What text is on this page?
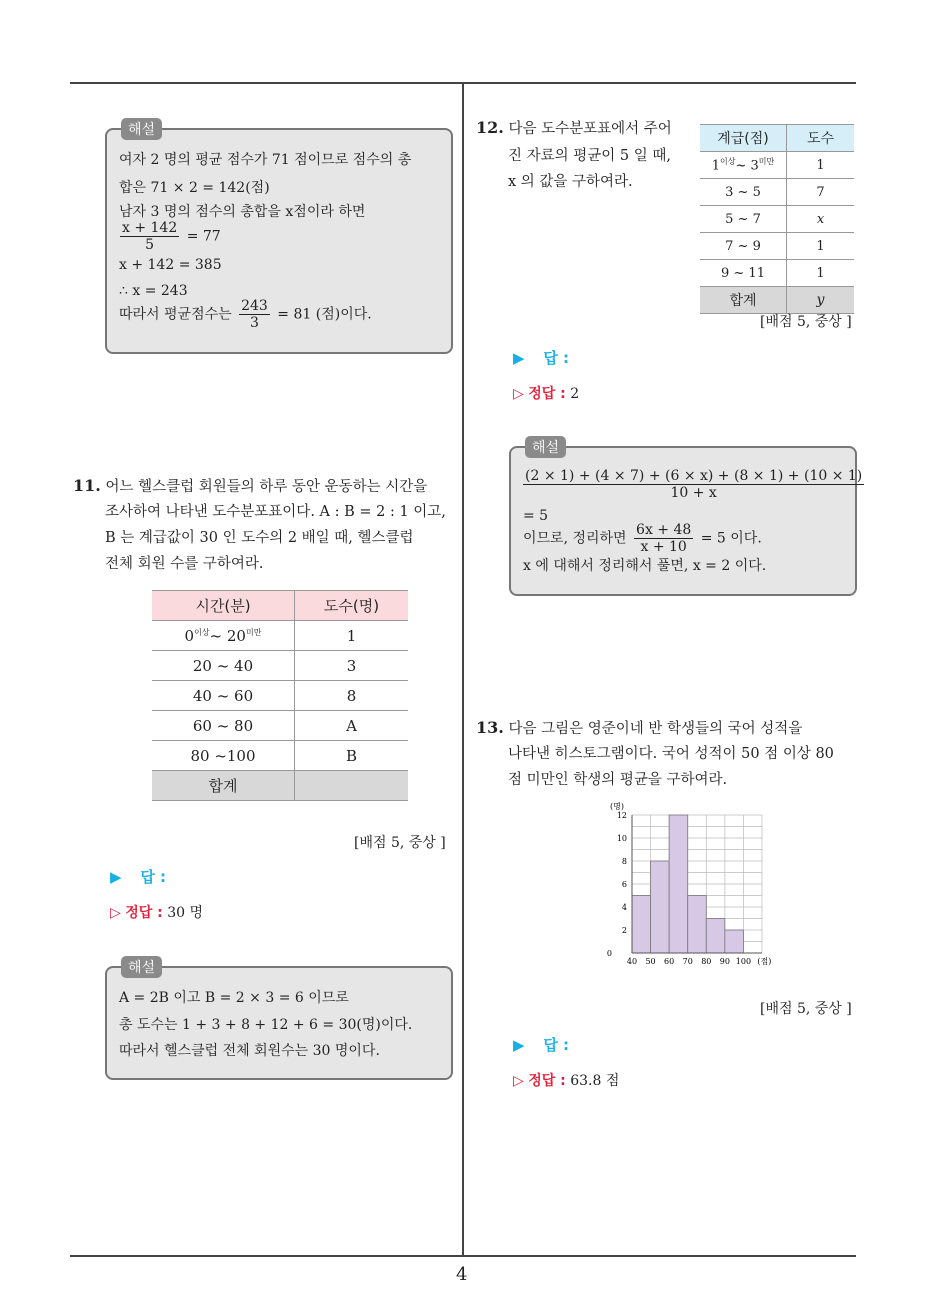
4
해설
여자 2 명의 평균 점수가 71 점이므로 점수의 총
합은 71 × 2 = 142(점)
남자 3 명의 점수의 총합을 x점이라 하면
$\frac{x + 142}{5} = 77$
x + 142 = 385
∴ x = 243
따라서 평균점수는 $\frac{243}{3} = 81$ (점)이다.
11. 어느 헬스클럽 회원들의 하루 동안 운동하는 시간을
조사하여 나타낸 도수분포표이다. A : B = 2 : 1 이고,
B 는 계급값이 30 인 도수의 2 배일 때, 헬스클럽
전체 회원 수를 구하여라.
시간(분)	도수(명)
$0^{이상}\sim$ $20^{미만}$	1
20 ~ 40	3
40 ~ 60	8
60 ~ 80	A
80 ~100	B
합계	
[배점 5, 중상 ]
▶ 답 :
▷ 정답 : 30 명
해설
A = 2B 이고 B = 2 × 3 = 6 이므로
총 도수는 1 + 3 + 8 + 12 + 6 = 30(명)이다.
따라서 헬스클럽 전체 회원수는 30 명이다.
12. 다음 도수분포표에서 주어
진 자료의 평균이 5 일 때,
x 의 값을 구하여라.
계급(점)	도수
$1^{이상}\sim$ $3^{미만}$	1
3 ~ 5	7
5 ~ 7	x
7 ~ 9	1
9 ~ 11	1
합계	y
[배점 5, 중상 ]
▶ 답 :
▷ 정답 : 2
해설
$\frac{(2 \times 1) + (4 \times 7) + (6 \times x) + (8 \times 1) + (10 \times 1)}{10 + x}$
= 5
이므로, 정리하면 $\frac{6x + 48}{x + 10} = 5$ 이다.
x 에 대해서 정리해서 풀면, x = 2 이다.
13. 다음 그림은 영준이네 반 학생들의 국어 성적을
나타낸 히스토그램이다. 국어 성적이 50 점 이상 80
점 미만인 학생의 평균을 구하여라.
0
2
4
6
8
10
12
40 50 60 70 80 90 100
(명)
(점)
[배점 5, 중상 ]
▶ 답 :
▷ 정답 : 63.8 점
